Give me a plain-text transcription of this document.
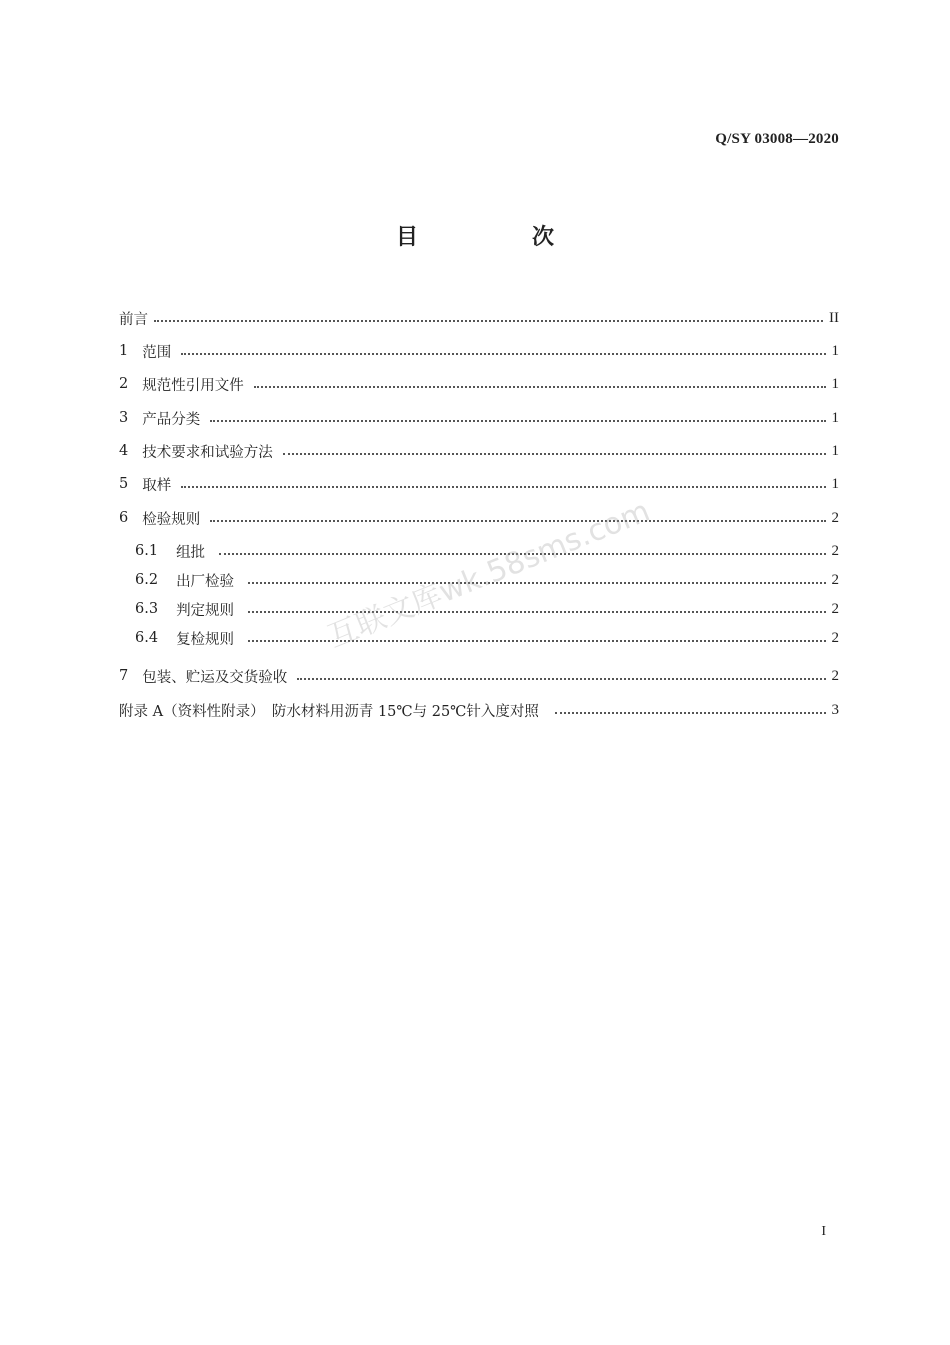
Q/SY 03008—2020
目　次
前言	II
1 范围	1
2 规范性引用文件	1
3 产品分类	1
4 技术要求和试验方法	1
5 取样	1
6 检验规则	2
6.1 组批	2
6.2 出厂检验	2
6.3 判定规则	2
6.4 复检规则	2
7 包装、贮运及交货验收	2
附录 A（资料性附录）　防水材料用沥青 15℃与 25℃针入度对照	3
互联文库wk.58sms.com
I
